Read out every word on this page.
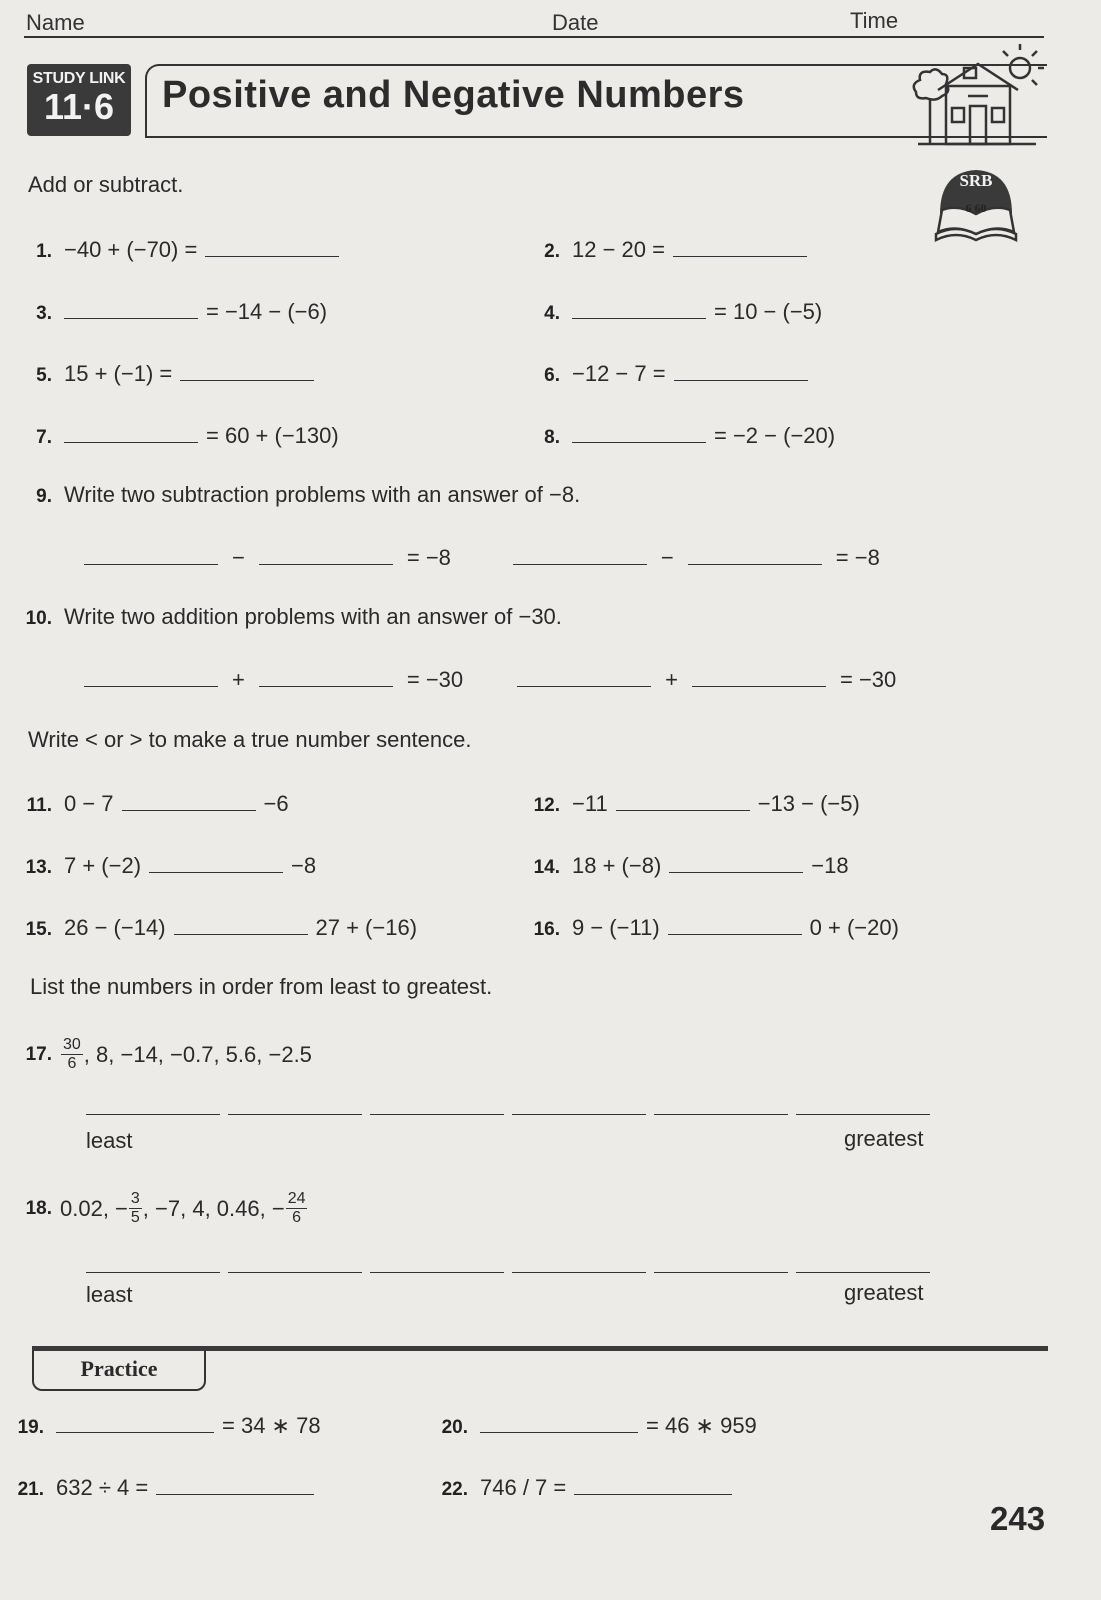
Name	Date	Time
STUDY LINK
11·6	Positive and Negative Numbers
SRB
6 60
Add or subtract.
1. −40 + (−70) =	2. 12 − 20 =
3.	= −14 − (−6)	4.	= 10 − (−5)
5. 15 + (−1) =	6. −12 − 7 =
7.	= 60 + (−130)	8.	= −2 − (−20)
9. Write two subtraction problems with an answer of −8.
−	= −8	−	= −8
10. Write two addition problems with an answer of −30.
+	= −30	+	= −30
Write < or > to make a true number sentence.
11. 0 − 7	−6	12. −11	−13 − (−5)
13. 7 + (−2)	−8	14. 18 + (−8)	−18
15. 26 − (−14)	27 + (−16)	16. 9 − (−11)	0 + (−20)
List the numbers in order from least to greatest.
17. $\frac{30}{6}$ , 8, −14, −0.7, 5.6, −2.5
least	greatest
18. 0.02, − $\frac{3}{5}$ , −7, 4, 0.46, − $\frac{24}{6}$
least	greatest
Practice
19.	= 34 ∗ 78	20.	= 46 ∗ 959
21. 632 ÷ 4 =	22. 746 / 7 =
243
